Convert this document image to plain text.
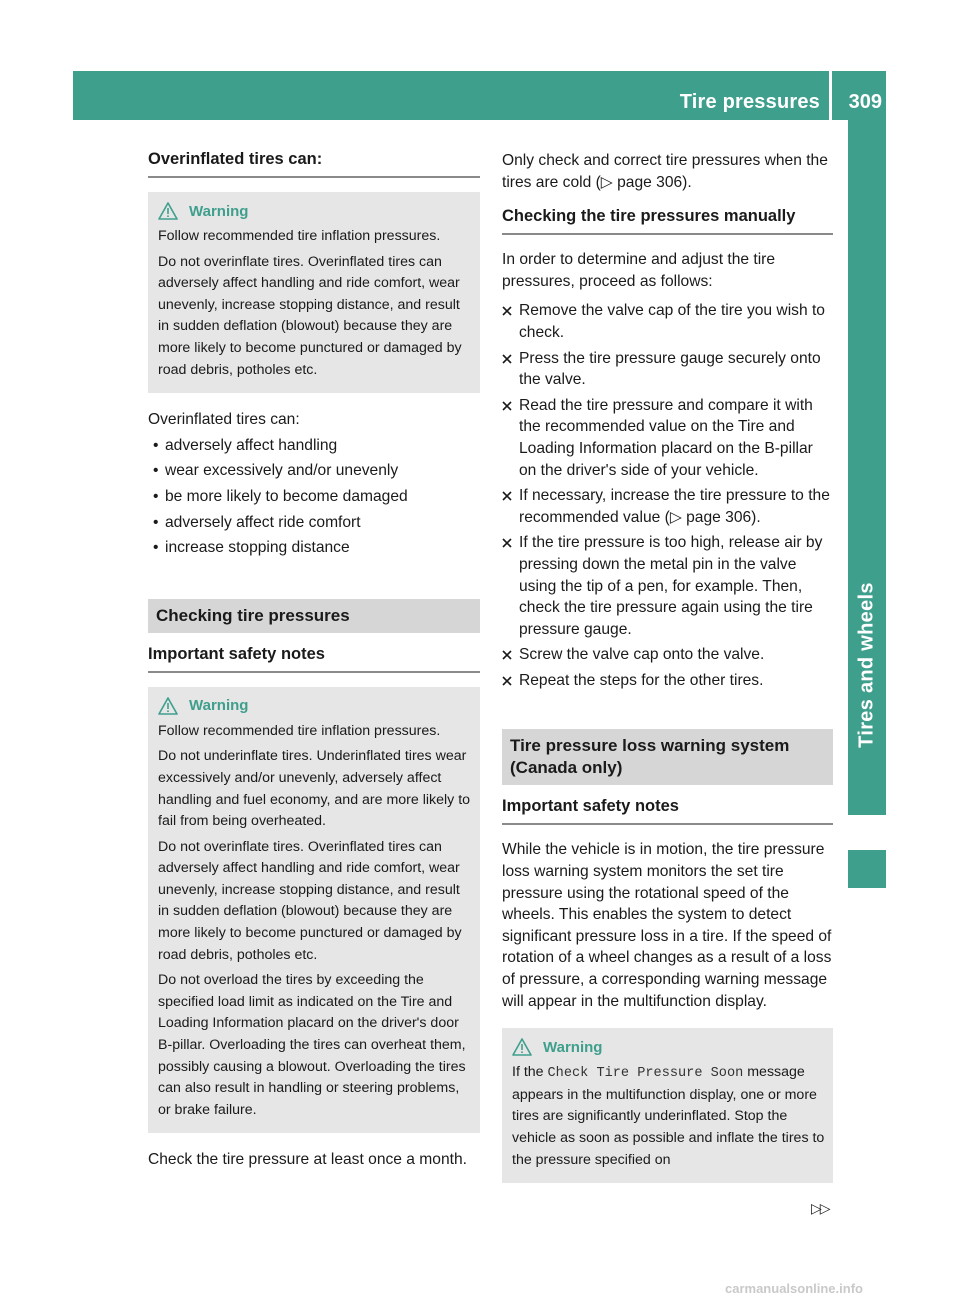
Tire pressures 309
Tires and wheels
Overinflated tires can:
Warning

Follow recommended tire inflation pressures.

Do not overinflate tires. Overinflated tires can adversely affect handling and ride comfort, wear unevenly, increase stopping distance, and result in sudden deflation (blowout) because they are more likely to become punctured or damaged by road debris, potholes etc.

Overinflated tires can:

• adversely affect handling
• wear excessively and/or unevenly
• be more likely to become damaged
• adversely affect ride comfort
• increase stopping distance
Checking tire pressures
Important safety notes
Warning

Follow recommended tire inflation pressures.

Do not underinflate tires. Underinflated tires wear excessively and/or unevenly, adversely affect handling and fuel economy, and are more likely to fail from being overheated.

Do not overinflate tires. Overinflated tires can adversely affect handling and ride comfort, wear unevenly, increase stopping distance, and result in sudden deflation (blowout) because they are more likely to become punctured or damaged by road debris, potholes etc.

Do not overload the tires by exceeding the specified load limit as indicated on the Tire and Loading Information placard on the driver's door B-pillar. Overloading the tires can overheat them, possibly causing a blowout. Overloading the tires can also result in handling or steering problems, or brake failure.

Check the tire pressure at least once a month.

Only check and correct tire pressures when the tires are cold (▷ page 306).

Checking the tire pressures manually

In order to determine and adjust the tire pressures, proceed as follows:

Remove the valve cap of the tire you wish to check.
Press the tire pressure gauge securely onto the valve.
Read the tire pressure and compare it with the recommended value on the Tire and Loading Information placard on the B-pillar on the driver's side of your vehicle.
If necessary, increase the tire pressure to the recommended value (▷ page 306).
If the tire pressure is too high, release air by pressing down the metal pin in the valve using the tip of a pen, for example. Then, check the tire pressure again using the tire pressure gauge.
Screw the valve cap onto the valve.
Repeat the steps for the other tires.
Tire pressure loss warning system (Canada only)
Important safety notes

While the vehicle is in motion, the tire pressure loss warning system monitors the set tire pressure using the rotational speed of the wheels. This enables the system to detect significant pressure loss in a tire. If the speed of rotation of a wheel changes as a result of a loss of pressure, a corresponding warning message will appear in the multifunction display.

Warning

If the Check Tire Pressure Soon message appears in the multifunction display, one or more tires are significantly underinflated. Stop the vehicle as soon as possible and inflate the tires to the pressure specified on

▷▷
carmanualsonline.info
